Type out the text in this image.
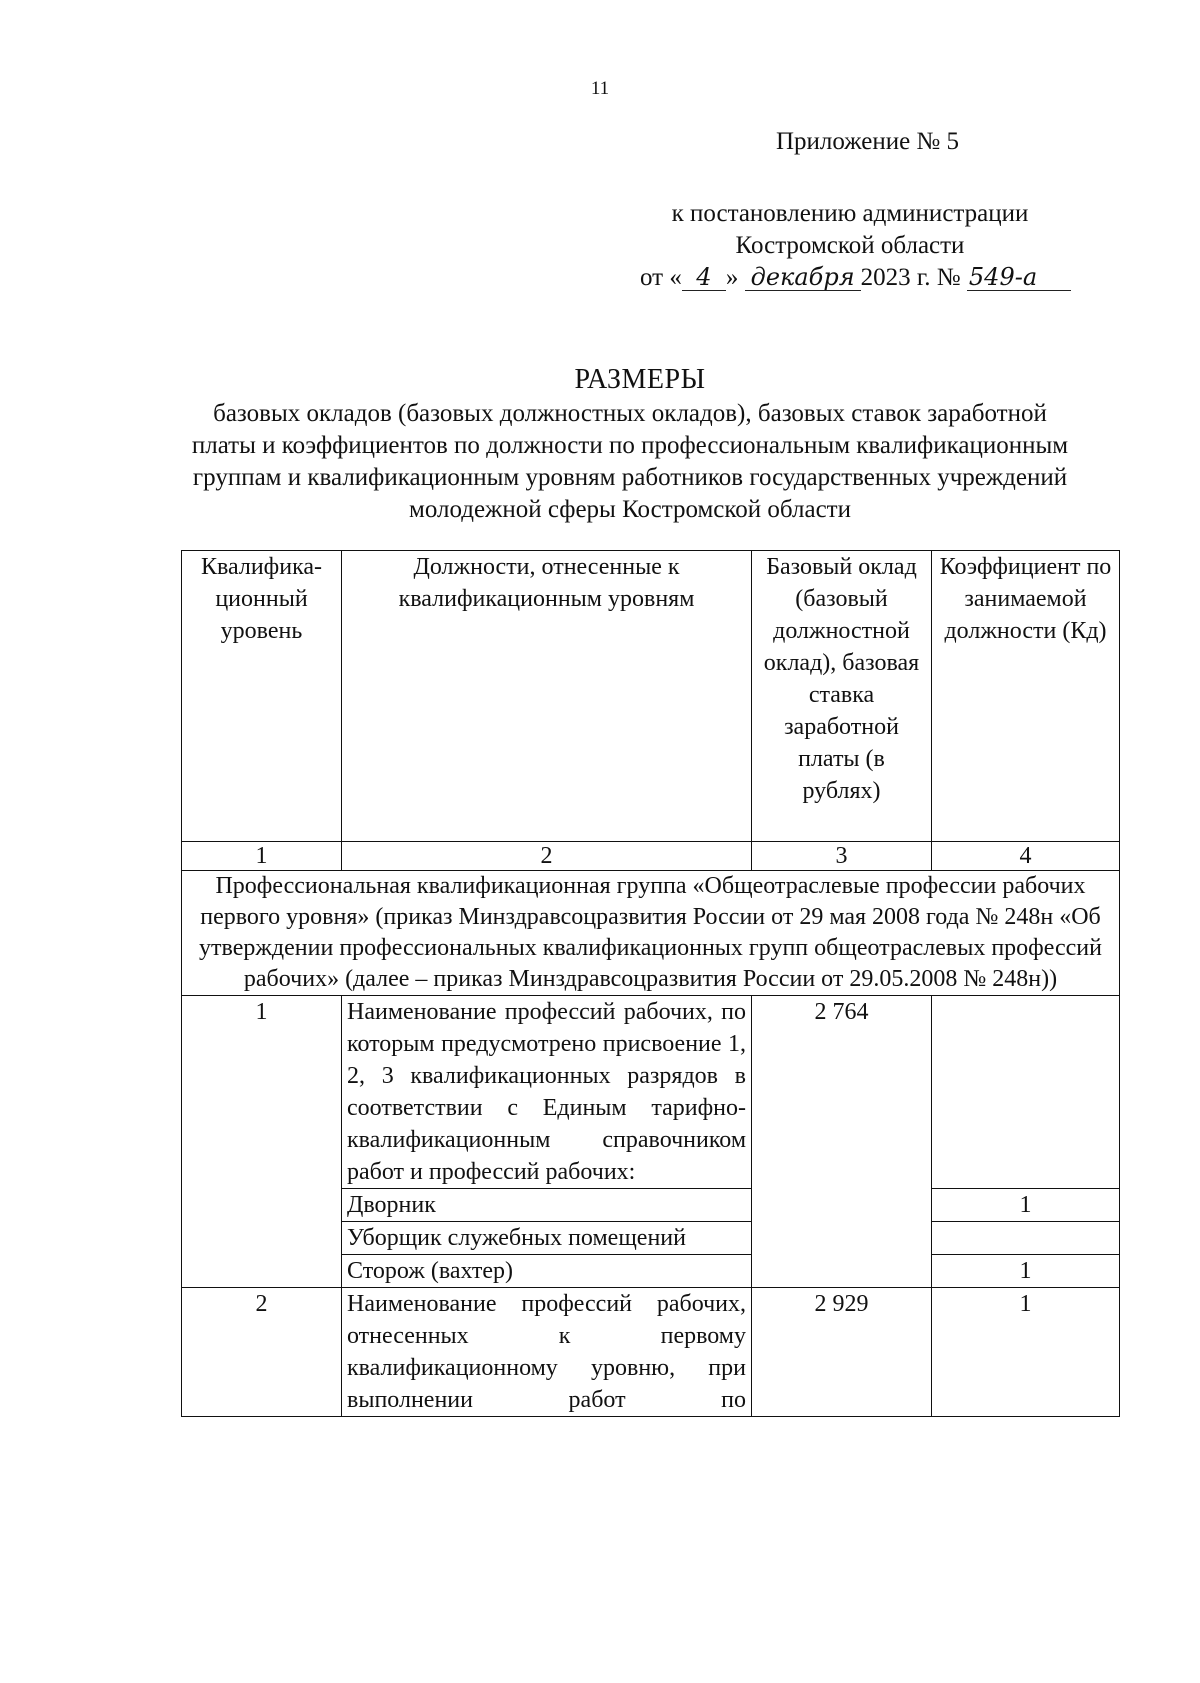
11
Приложение № 5
к постановлению администрации
Костромской области
от « 4 » декабря 2023 г. № 549-а
РАЗМЕРЫ
базовых окладов (базовых должностных окладов), базовых ставок заработной платы и коэффициентов по должности по профессиональным квалификационным группам и квалификационным уровням работников государственных учреждений молодежной сферы Костромской области
Квалифика-ционный уровень	Должности, отнесенные к квалификационным уровням	Базовый оклад (базовый должностной оклад), базовая ставка заработной платы (в рублях)	Коэффициент по занимаемой должности (Кд)
1	2	3	4
Профессиональная квалификационная группа «Общеотраслевые профессии рабочих первого уровня» (приказ Минздравсоцразвития России от 29 мая 2008 года № 248н «Об утверждении профессиональных квалификационных групп общеотраслевых профессий рабочих» (далее – приказ Минздравсоцразвития России от 29.05.2008 № 248н))			
1	Наименование профессий рабочих, по которым предусмотрено присвоение 1, 2, 3 квалификационных разрядов в соответствии с Единым тарифно-квалификационным справочником работ и профессий рабочих:	2 764	
	Дворник		1
	Уборщик служебных помещений		
	Сторож (вахтер)		1
2	Наименование профессий рабочих, отнесенных к первому квалификационному уровню, при выполнении работ по	2 929	1
